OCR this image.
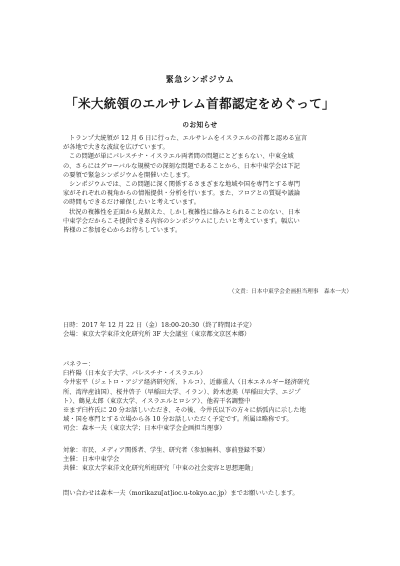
緊急シンポジウム
「米大統領のエルサレム首都認定をめぐって」
のお知らせ
トランプ大統領が 12 月 6 日に行った、エルサレムをイスラエルの首都と認める宣言
が各地で大きな波紋を広げています。
この問題が単にパレスチナ・イスラエル両者間の問題にとどまらない、中東全域
の、さらにはグローバルな規模での深刻な問題であることから、日本中東学会は下記
の要領で緊急シンポジウムを開催いたします。
シンポジウムでは、この問題に深く関係するさまざまな地域や国を専門とする専門
家がそれぞれの視角からの情報提供・分析を行います。また、フロアとの質疑や議論
の時間もできるだけ確保したいと考えています。
状況の複雑性を正面から見据えた、しかし複雑性に絡みとられることのない、日本
中東学会だからこそ提供できる内容のシンポジウムにしたいと考えています。幅広い
皆様のご参加を心からお待ちしています。
（文責：日本中東学会企画担当理事　森本一夫）
日時：2017 年 12 月 22 日（金）18:00-20:30（終了時間は予定）
会場：東京大学東洋文化研究所 3F 大会議室（東京都文京区本郷）
パネラー：
臼杵陽（日本女子大学、パレスチナ・イスラエル）
今井宏平（ジェトロ・アジア経済研究所、トルコ）、近藤重人（日本エネルギー経済研究
所、湾岸産油国）、桜井啓子（早稲田大学、イラン）、鈴木恵美（早稲田大学、エジプ
ト）、鶴見太郎（東京大学、イスラエルとロシア）、他若干名調整中
※まず臼杵氏に 20 分お話しいただき、その後、今井氏以下の方々に括弧内に示した地
域・国を専門とする立場から各 10 分お話しいただく予定です。所属は略称です。
司会：森本一夫（東京大学；日本中東学会企画担当理事）
対象：市民、メディア関係者、学生、研究者（参加無料、事前登録不要）
主催：日本中東学会
共催：東京大学東洋文化研究所班研究「中東の社会変容と思想運動」
問い合わせは森本一夫（morikazu[at]ioc.u-tokyo.ac.jp）までお願いいたします。
